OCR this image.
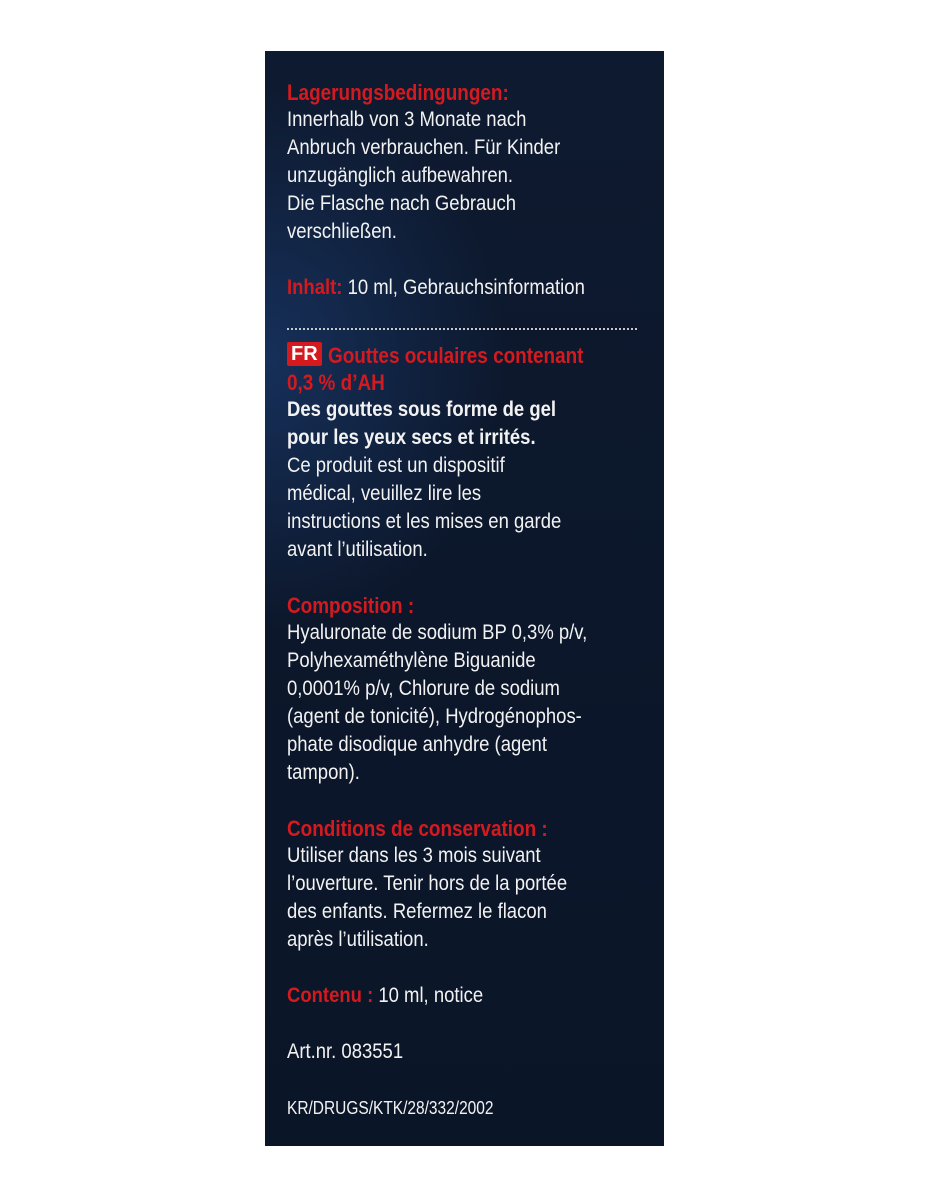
Lagerungsbedingungen:
Innerhalb von 3 Monate nach
Anbruch verbrauchen. Für Kinder
unzugänglich aufbewahren.
Die Flasche nach Gebrauch
verschließen.
Inhalt: 10 ml, Gebrauchsinformation
FR Gouttes oculaires contenant
0,3 % d’AH
Des gouttes sous forme de gel
pour les yeux secs et irrités.
Ce produit est un dispositif
médical, veuillez lire les
instructions et les mises en garde
avant l’utilisation.
Composition :
Hyaluronate de sodium BP 0,3% p/v,
Polyhexaméthylène Biguanide
0,0001% p/v, Chlorure de sodium
(agent de tonicité), Hydrogénophos-
phate disodique anhydre (agent
tampon).
Conditions de conservation :
Utiliser dans les 3 mois suivant
l’ouverture. Tenir hors de la portée
des enfants. Refermez le flacon
après l’utilisation.
Contenu : 10 ml, notice
Art.nr. 083551
KR/DRUGS/KTK/28/332/2002
